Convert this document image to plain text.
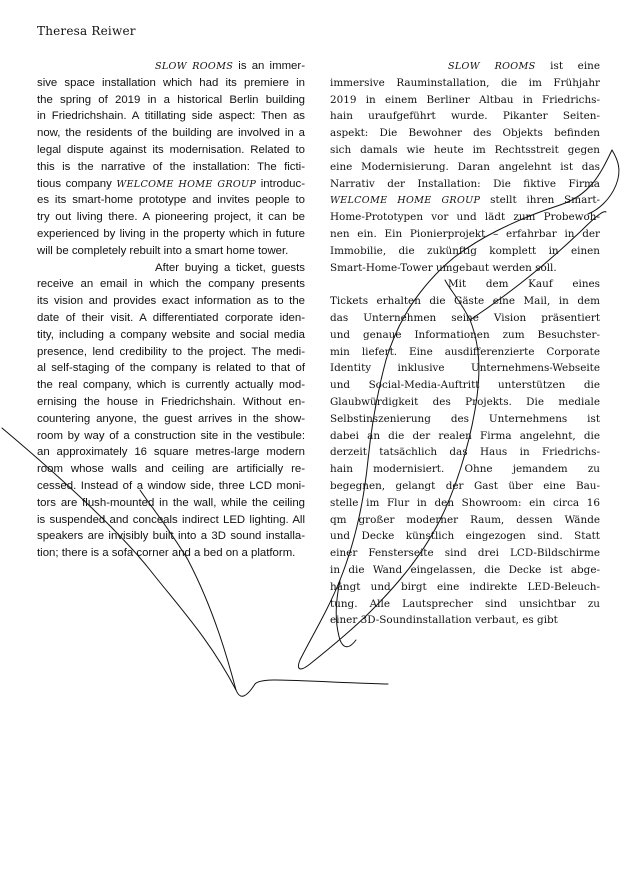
Theresa Reiwer
SLOW ROOMS is an immer-
sive space installation which had its premiere in
the spring of 2019 in a historical Berlin building
in Friedrichshain. A titillating side aspect: Then as
now, the residents of the building are involved in a
legal dispute against its modernisation. Related to
this is the narrative of the installation: The ficti-
tious company WELCOME HOME GROUP introduc-
es its smart-home prototype and invites people to
try out living there. A pioneering project, it can be
experienced by living in the property which in future
will be completely rebuilt into a smart home tower.
After buying a ticket, guests
receive an email in which the company presents
its vision and provides exact information as to the
date of their visit. A differentiated corporate iden-
tity, including a company website and social media
presence, lend credibility to the project. The medi-
al self-staging of the company is related to that of
the real company, which is currently actually mod-
ernising the house in Friedrichshain. Without en-
countering anyone, the guest arrives in the show-
room by way of a construction site in the vestibule:
an approximately 16 square metres-large modern
room whose walls and ceiling are artificially re-
cessed. Instead of a window side, three LCD moni-
tors are flush-mounted in the wall, while the ceiling
is suspended and conceals indirect LED lighting. All
speakers are invisibly built into a 3D sound installa-
tion; there is a sofa corner and a bed on a platform.
SLOW ROOMS ist eine
immersive Rauminstallation, die im Frühjahr
2019 in einem Berliner Altbau in Friedrichs-
hain uraufgeführt wurde. Pikanter Seiten-
aspekt: Die Bewohner des Objekts befinden
sich damals wie heute im Rechtsstreit gegen
eine Modernisierung. Daran angelehnt ist das
Narrativ der Installation: Die fiktive Firma
WELCOME HOME GROUP stellt ihren Smart-
Home-Prototypen vor und lädt zum Probewoh-
nen ein. Ein Pionierprojekt – erfahrbar in der
Immobilie, die zukünftig komplett in einen
Smart-Home-Tower umgebaut werden soll.
Mit dem Kauf eines
Tickets erhalten die Gäste eine Mail, in dem
das Unternehmen seine Vision präsentiert
und genaue Informationen zum Besuchster-
min liefert. Eine ausdifferenzierte Corporate
Identity inklusive Unternehmens-Webseite
und Social-Media-Auftritt unterstützen die
Glaubwürdigkeit des Projekts. Die mediale
Selbstinszenierung des Unternehmens ist
dabei an die der realen Firma angelehnt, die
derzeit tatsächlich das Haus in Friedrichs-
hain modernisiert. Ohne jemandem zu
begegnen, gelangt der Gast über eine Bau-
stelle im Flur in den Showroom: ein circa 16
qm großer moderner Raum, dessen Wände
und Decke künstlich eingezogen sind. Statt
einer Fensterseite sind drei LCD-Bildschirme
in die Wand eingelassen, die Decke ist abge-
hängt und birgt eine indirekte LED-Beleuch-
tung. Alle Lautsprecher sind unsichtbar zu
einer 3D-Soundinstallation verbaut, es gibt
